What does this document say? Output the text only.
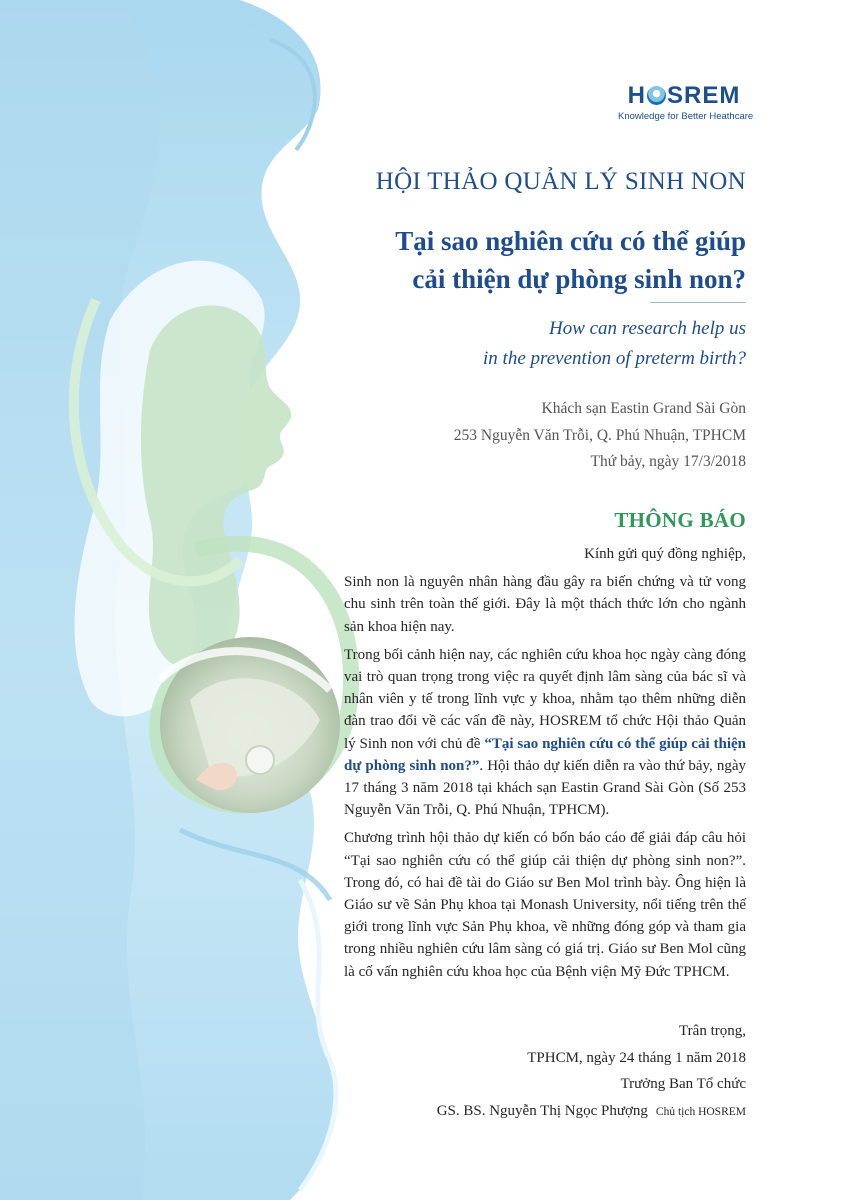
H SREM
Knowledge for Better Heathcare
HỘI THẢO QUẢN LÝ SINH NON
Tại sao nghiên cứu có thể giúp
cải thiện dự phòng sinh non?
How can research help us
in the prevention of preterm birth?
Khách sạn Eastin Grand Sài Gòn
253 Nguyễn Văn Trỗi, Q. Phú Nhuận, TPHCM
Thứ bảy, ngày 17/3/2018
THÔNG BÁO

Kính gửi quý đồng nghiệp,

Sinh non là nguyên nhân hàng đầu gây ra biến chứng và tử vong chu sinh trên toàn thế giới. Đây là một thách thức lớn cho ngành sản khoa hiện nay.

Trong bối cảnh hiện nay, các nghiên cứu khoa học ngày càng đóng vai trò quan trọng trong việc ra quyết định lâm sàng của bác sĩ và nhân viên y tế trong lĩnh vực y khoa, nhằm tạo thêm những diễn đàn trao đổi về các vấn đề này, HOSREM tổ chức Hội thảo Quản lý Sinh non với chủ đề “Tại sao nghiên cứu có thể giúp cải thiện dự phòng sinh non?”. Hội thảo dự kiến diễn ra vào thứ bảy, ngày 17 tháng 3 năm 2018 tại khách sạn Eastin Grand Sài Gòn (Số 253 Nguyễn Văn Trỗi, Q. Phú Nhuận, TPHCM).

Chương trình hội thảo dự kiến có bốn báo cáo để giải đáp câu hỏi “Tại sao nghiên cứu có thể giúp cải thiện dự phòng sinh non?”. Trong đó, có hai đề tài do Giáo sư Ben Mol trình bày. Ông hiện là Giáo sư về Sản Phụ khoa tại Monash University, nổi tiếng trên thế giới trong lĩnh vực Sản Phụ khoa, về những đóng góp và tham gia trong nhiều nghiên cứu lâm sàng có giá trị. Giáo sư Ben Mol cũng là cố vấn nghiên cứu khoa học của Bệnh viện Mỹ Đức TPHCM.

Trân trọng,
TPHCM, ngày 24 tháng 1 năm 2018
Trưởng Ban Tổ chức
GS. BS. Nguyễn Thị Ngọc Phượng Chủ tịch HOSREM
